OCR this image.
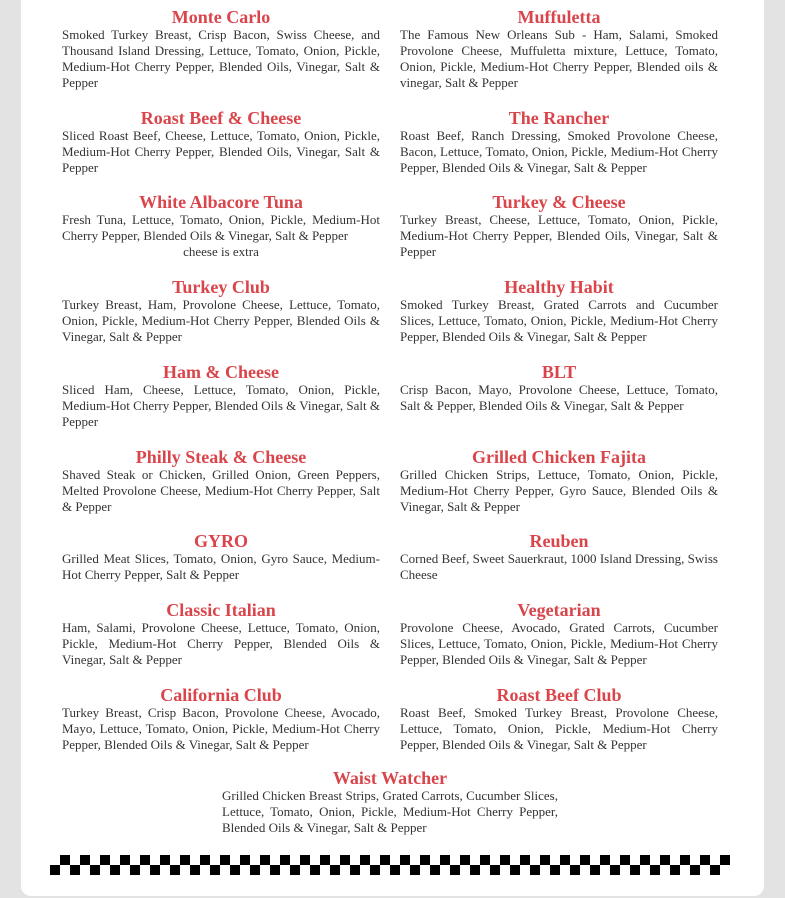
Monte Carlo

Smoked Turkey Breast, Crisp Bacon, Swiss Cheese, and Thousand Island Dressing, Lettuce, Tomato, Onion, Pickle, Medium-Hot Cherry Pepper, Blended Oils, Vinegar, Salt & Pepper

Roast Beef & Cheese

Sliced Roast Beef, Cheese, Lettuce, Tomato, Onion, Pickle, Medium-Hot Cherry Pepper, Blended Oils, Vinegar, Salt & Pepper

White Albacore Tuna

Fresh Tuna, Lettuce, Tomato, Onion, Pickle, Medium-Hot Cherry Pepper, Blended Oils & Vinegar, Salt & Pepper

cheese is extra

Turkey Club

Turkey Breast, Ham, Provolone Cheese, Lettuce, Tomato, Onion, Pickle, Medium-Hot Cherry Pepper, Blended Oils & Vinegar, Salt & Pepper

Ham & Cheese

Sliced Ham, Cheese, Lettuce, Tomato, Onion, Pickle, Medium-Hot Cherry Pepper, Blended Oils & Vinegar, Salt & Pepper

Philly Steak & Cheese

Shaved Steak or Chicken, Grilled Onion, Green Peppers, Melted Provolone Cheese, Medium-Hot Cherry Pepper, Salt & Pepper

GYRO

Grilled Meat Slices, Tomato, Onion, Gyro Sauce, Medium-Hot Cherry Pepper, Salt & Pepper

Classic Italian

Ham, Salami, Provolone Cheese, Lettuce, Tomato, Onion, Pickle, Medium-Hot Cherry Pepper, Blended Oils & Vinegar, Salt & Pepper

California Club

Turkey Breast, Crisp Bacon, Provolone Cheese, Avocado, Mayo, Lettuce, Tomato, Onion, Pickle, Medium-Hot Cherry Pepper, Blended Oils & Vinegar, Salt & Pepper

Muffuletta

The Famous New Orleans Sub - Ham, Salami, Smoked Provolone Cheese, Muffuletta mixture, Lettuce, Tomato, Onion, Pickle, Medium-Hot Cherry Pepper, Blended oils & vinegar, Salt & Pepper

The Rancher

Roast Beef, Ranch Dressing, Smoked Provolone Cheese, Bacon, Lettuce, Tomato, Onion, Pickle, Medium-Hot Cherry Pepper, Blended Oils & Vinegar, Salt & Pepper

Turkey & Cheese

Turkey Breast, Cheese, Lettuce, Tomato, Onion, Pickle, Medium-Hot Cherry Pepper, Blended Oils, Vinegar, Salt & Pepper

Healthy Habit

Smoked Turkey Breast, Grated Carrots and Cucumber Slices, Lettuce, Tomato, Onion, Pickle, Medium-Hot Cherry Pepper, Blended Oils & Vinegar, Salt & Pepper

BLT

Crisp Bacon, Mayo, Provolone Cheese, Lettuce, Tomato, Salt & Pepper, Blended Oils & Vinegar, Salt & Pepper

Grilled Chicken Fajita

Grilled Chicken Strips, Lettuce, Tomato, Onion, Pickle, Medium-Hot Cherry Pepper, Gyro Sauce, Blended Oils & Vinegar, Salt & Pepper

Reuben

Corned Beef, Sweet Sauerkraut, 1000 Island Dressing, Swiss Cheese

Vegetarian

Provolone Cheese, Avocado, Grated Carrots, Cucumber Slices, Lettuce, Tomato, Onion, Pickle, Medium-Hot Cherry Pepper, Blended Oils & Vinegar, Salt & Pepper

Roast Beef Club

Roast Beef, Smoked Turkey Breast, Provolone Cheese, Lettuce, Tomato, Onion, Pickle, Medium-Hot Cherry Pepper, Blended Oils & Vinegar, Salt & Pepper

Waist Watcher

Grilled Chicken Breast Strips, Grated Carrots, Cucumber Slices, Lettuce, Tomato, Onion, Pickle, Medium-Hot Cherry Pepper, Blended Oils & Vinegar, Salt & Pepper
